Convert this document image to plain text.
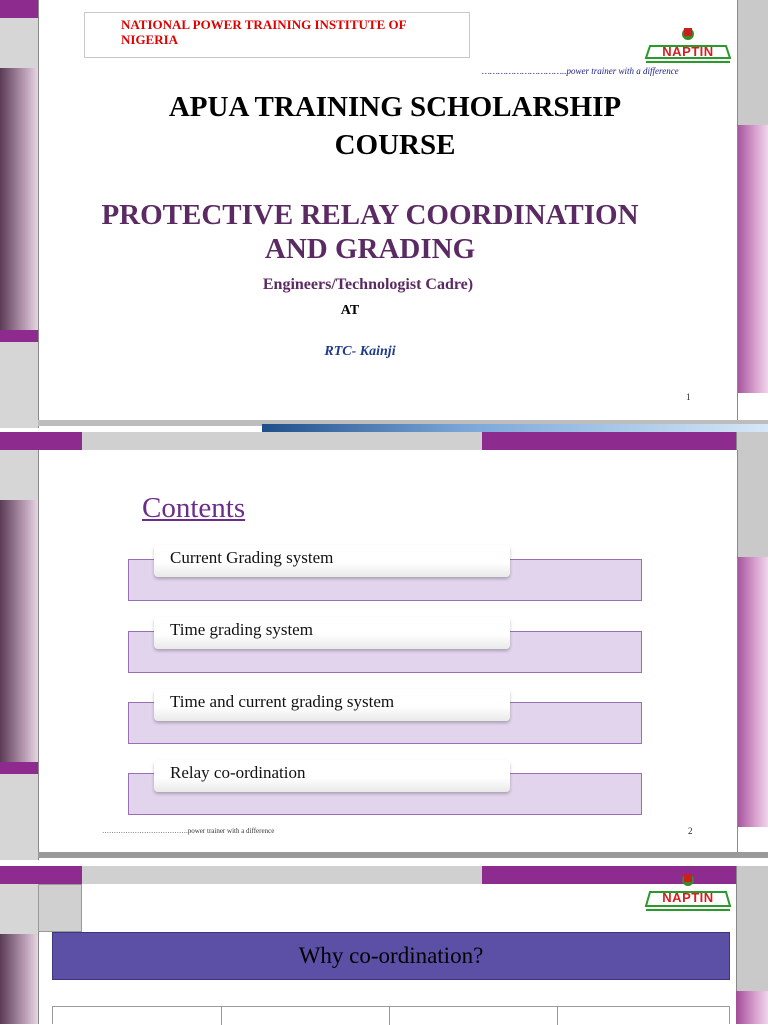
NATIONAL POWER TRAINING INSTITUTE OF NIGERIA
NAPTIN
…………………………..power trainer with a difference
APUA TRAINING SCHOLARSHIP COURSE
PROTECTIVE RELAY COORDINATION AND GRADING
Engineers/Technologist Cadre)
AT
RTC- Kainji
1
Contents
Current Grading system
Time grading system
Time and current grading system
Relay co-ordination
……………………………….power trainer with a difference	2
NAPTIN
Why co-ordination?
